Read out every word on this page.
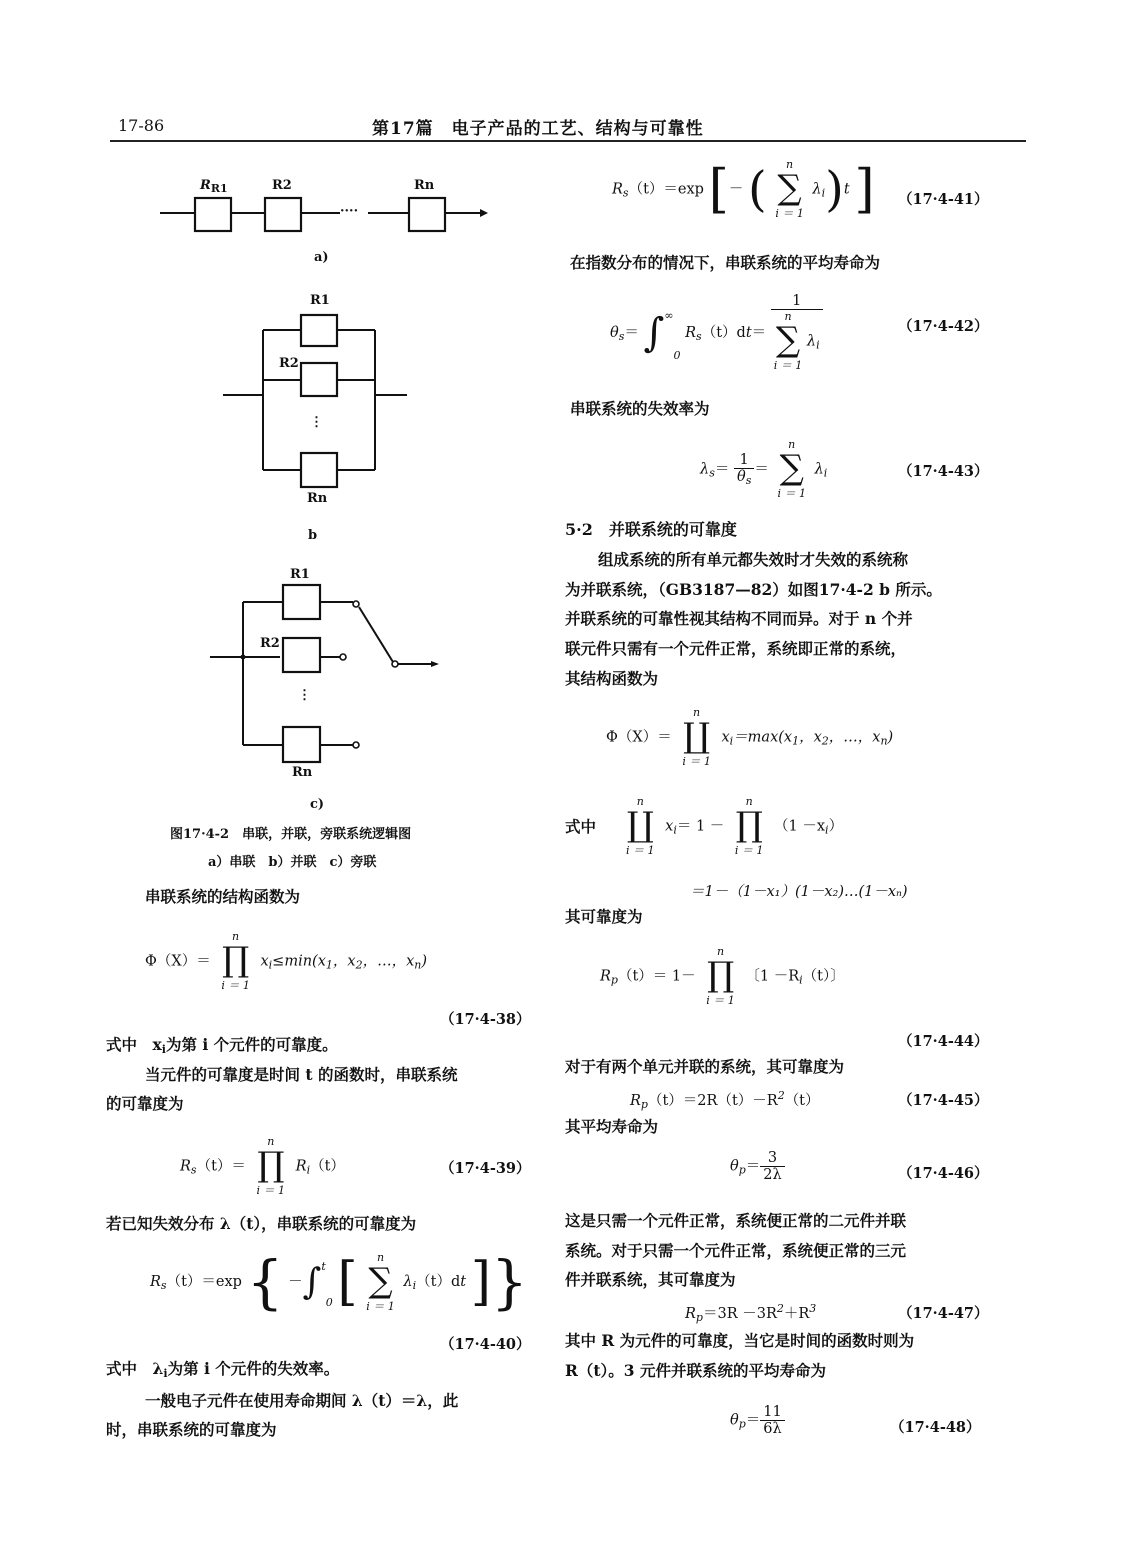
17-86	第17篇　电子产品的工艺、结构与可靠性
$R_{R1}$	R2	Rn
····
a)
R1
R2
⋮
Rn
b
R1
R2
⋮
Rn
c)
图17·4-2　串联，并联，旁联系统逻辑图
a）串联　b）并联　c）旁联
串联系统的结构函数为
Φ（X）＝
n
∏
i ＝ 1
$x_i\le\min(x_1$，$x_2$，…，$x_n$)
（17·4-38）
式中　$x_i$为第 i 个元件的可靠度。
当元件的可靠度是时间 t 的函数时，串联系统
的可靠度为
$R_s(t)=$
n
∏
i ＝ 1
$R_i(t)$	（17·4-39）
若已知失效分布 λ（t），串联系统的可靠度为
$R_s(t)=\exp$ { －∫$^t_0$ [	n
∑
i ＝ 1
$\lambda_i(t)dt$ ]}
（17·4-40）
式中　$\lambda_i$为第 i 个元件的失效率。
一般电子元件在使用寿命期间 λ（t）＝λ，此
时，串联系统的可靠度为
$R_s(t)=\exp$ [－ (	n
∑
i ＝ 1
$\lambda_i)t$ ] （17·4-41）
在指数分布的情况下，串联系统的平均寿命为
$\theta_s= \int^\infty_0$ $R_s(t)dt= 1$
n
∑
i ＝ 1
$\lambda_i$	（17·4-42）
串联系统的失效率为
$\lambda_s= \frac{1}{\theta_s}$ ＝
n
∑
i ＝ 1
$\lambda_i$	（17·4-43）
5·2　并联系统的可靠度
组成系统的所有单元都失效时才失效的系统称
为并联系统，（GB3187—82）如图17·4-2 b 所示。
并联系统的可靠性视其结构不同而异。对于 n 个并
联元件只需有一个元件正常，系统即正常的系统，
其结构函数为
Φ（X）＝
n
∐
i ＝ 1
$x_i=\max(x_1$，$x_2$，…，$x_n$)
式中
n
∐
i ＝ 1
$x_i= 1$ －
n
∏
i ＝ 1
$(1 -x_i)$
＝1－（1－x₁）(1－x₂)…(1－xₙ)
其可靠度为
$R_p(t)= 1-$
n
∏
i ＝ 1
〔$1 -R_i(t)$〕
（17·4-44）
对于有两个单元并联的系统，其可靠度为
$R_p(t)=2R(t)-R^2(t)$	（17·4-45）
其平均寿命为
$\theta_p= \frac{3}{2\lambda}$	（17·4-46）
这是只需一个元件正常，系统便正常的二元件并联
系统。对于只需一个元件正常，系统便正常的三元
件并联系统，其可靠度为
$R_p=3R -3R^2+R^3$	（17·4-47）
其中 R 为元件的可靠度，当它是时间的函数时则为
R（t）。3 元件并联系统的平均寿命为
$\theta_p= \frac{11}{6\lambda}$	（17·4-48）
